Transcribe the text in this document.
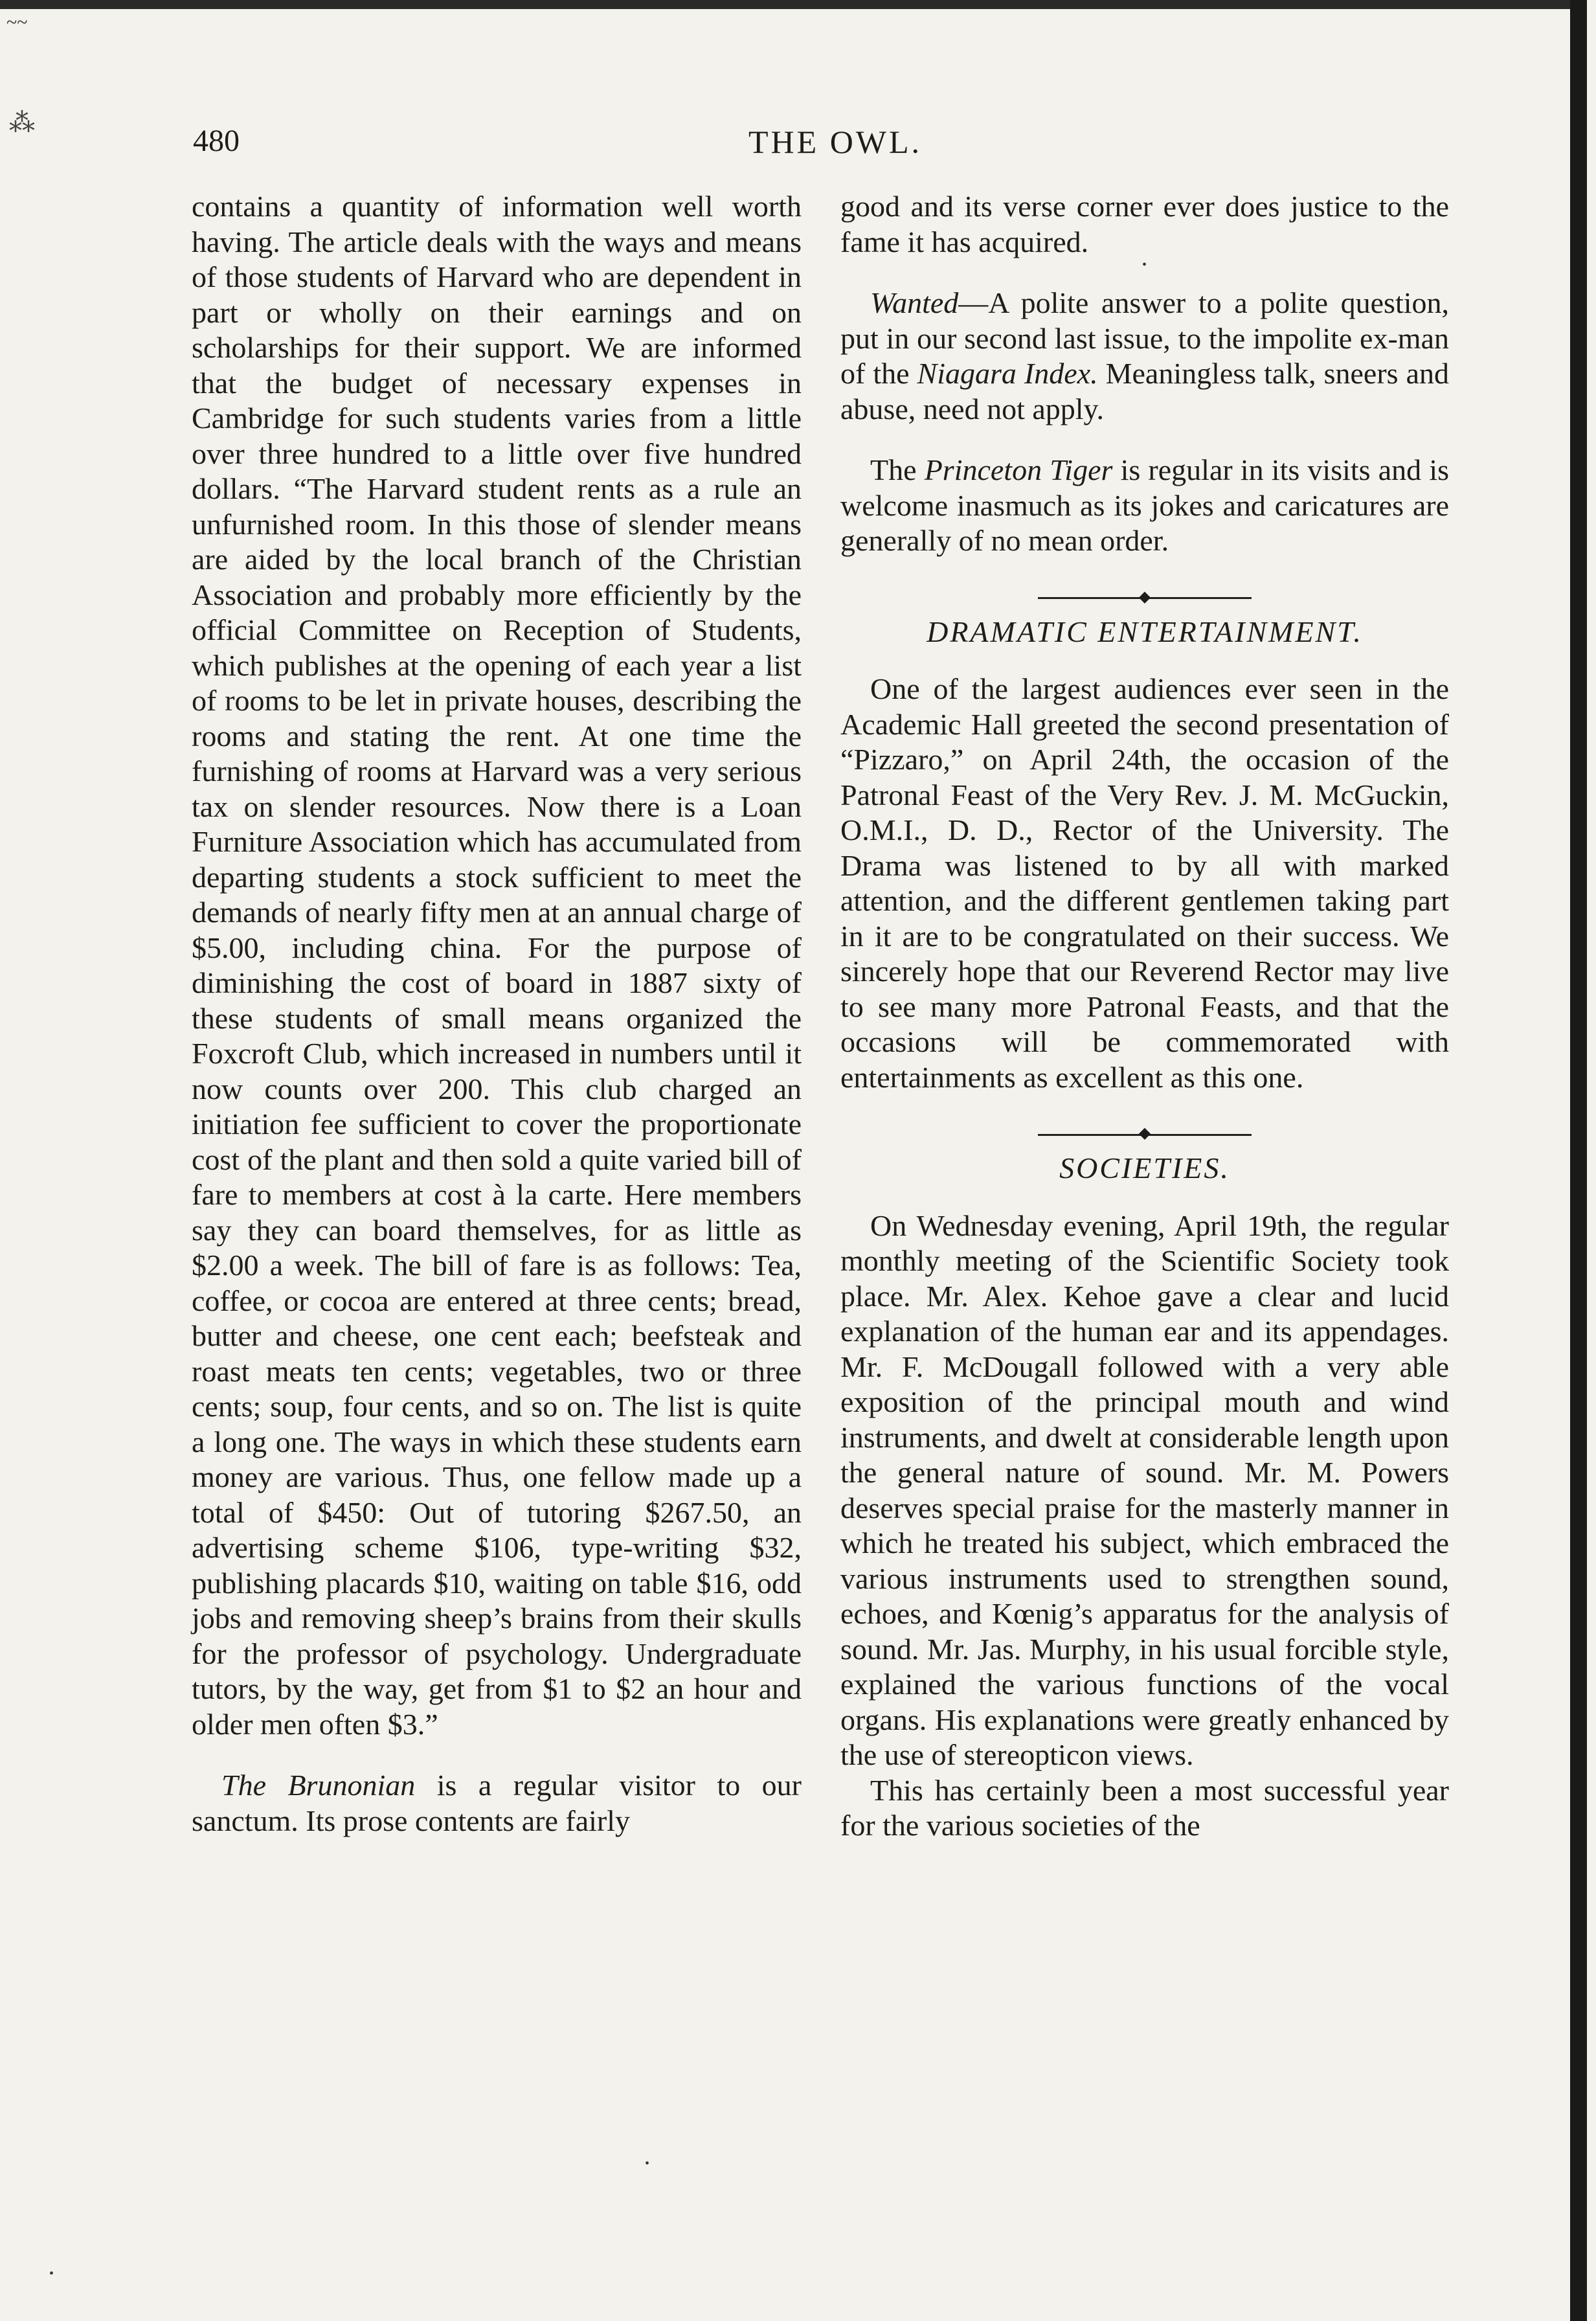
~~
⁂
480	THE OWL.

contains a quantity of information well worth having. The article deals with the ways and means of those students of Harvard who are dependent in part or wholly on their earnings and on scholarships for their support. We are informed that the budget of necessary expenses in Cambridge for such students varies from a little over three hundred to a little over five hundred dollars. “The Harvard student rents as a rule an unfurnished room. In this those of slender means are aided by the local branch of the Christian Association and probably more efficiently by the official Committee on Reception of Students, which publishes at the opening of each year a list of rooms to be let in private houses, describing the rooms and stating the rent. At one time the furnishing of rooms at Harvard was a very serious tax on slender resources. Now there is a Loan Furniture Association which has accumulated from departing students a stock sufficient to meet the demands of nearly fifty men at an annual charge of $5.00, including china. For the purpose of diminishing the cost of board in 1887 sixty of these students of small means organized the Foxcroft Club, which increased in numbers until it now counts over 200. This club charged an initiation fee sufficient to cover the proportionate cost of the plant and then sold a quite varied bill of fare to members at cost à la carte. Here members say they can board themselves, for as little as $2.00 a week. The bill of fare is as follows: Tea, coffee, or cocoa are entered at three cents; bread, butter and cheese, one cent each; beefsteak and roast meats ten cents; vegetables, two or three cents; soup, four cents, and so on. The list is quite a long one. The ways in which these students earn money are various. Thus, one fellow made up a total of $450: Out of tutoring $267.50, an advertising scheme $106, type-writing $32, publishing placards $10, waiting on table $16, odd jobs and removing sheep’s brains from their skulls for the professor of psychology. Undergraduate tutors, by the way, get from $1 to $2 an hour and older men often $3.”

The Brunonian is a regular visitor to our sanctum. Its prose contents are fairly

good and its verse corner ever does justice to the fame it has acquired.

Wanted—A polite answer to a polite question, put in our second last issue, to the impolite ex-man of the Niagara Index. Meaningless talk, sneers and abuse, need not apply.

The Princeton Tiger is regular in its visits and is welcome inasmuch as its jokes and caricatures are generally of no mean order.

◆
DRAMATIC ENTERTAINMENT.

One of the largest audiences ever seen in the Academic Hall greeted the second presentation of “Pizzaro,” on April 24th, the occasion of the Patronal Feast of the Very Rev. J. M. McGuckin, O.M.I., D. D., Rector of the University. The Drama was listened to by all with marked attention, and the different gentlemen taking part in it are to be congratulated on their success. We sincerely hope that our Reverend Rector may live to see many more Patronal Feasts, and that the occasions will be commemorated with entertainments as excellent as this one.

◆
SOCIETIES.

On Wednesday evening, April 19th, the regular monthly meeting of the Scientific Society took place. Mr. Alex. Kehoe gave a clear and lucid explanation of the human ear and its appendages. Mr. F. McDougall followed with a very able exposition of the principal mouth and wind instruments, and dwelt at considerable length upon the general nature of sound. Mr. M. Powers deserves special praise for the masterly manner in which he treated his subject, which embraced the various instruments used to strengthen sound, echoes, and Kœnig’s apparatus for the analysis of sound. Mr. Jas. Murphy, in his usual forcible style, explained the various functions of the vocal organs. His explanations were greatly enhanced by the use of stereopticon views.

This has certainly been a most successful year for the various societies of the

•
•
•
